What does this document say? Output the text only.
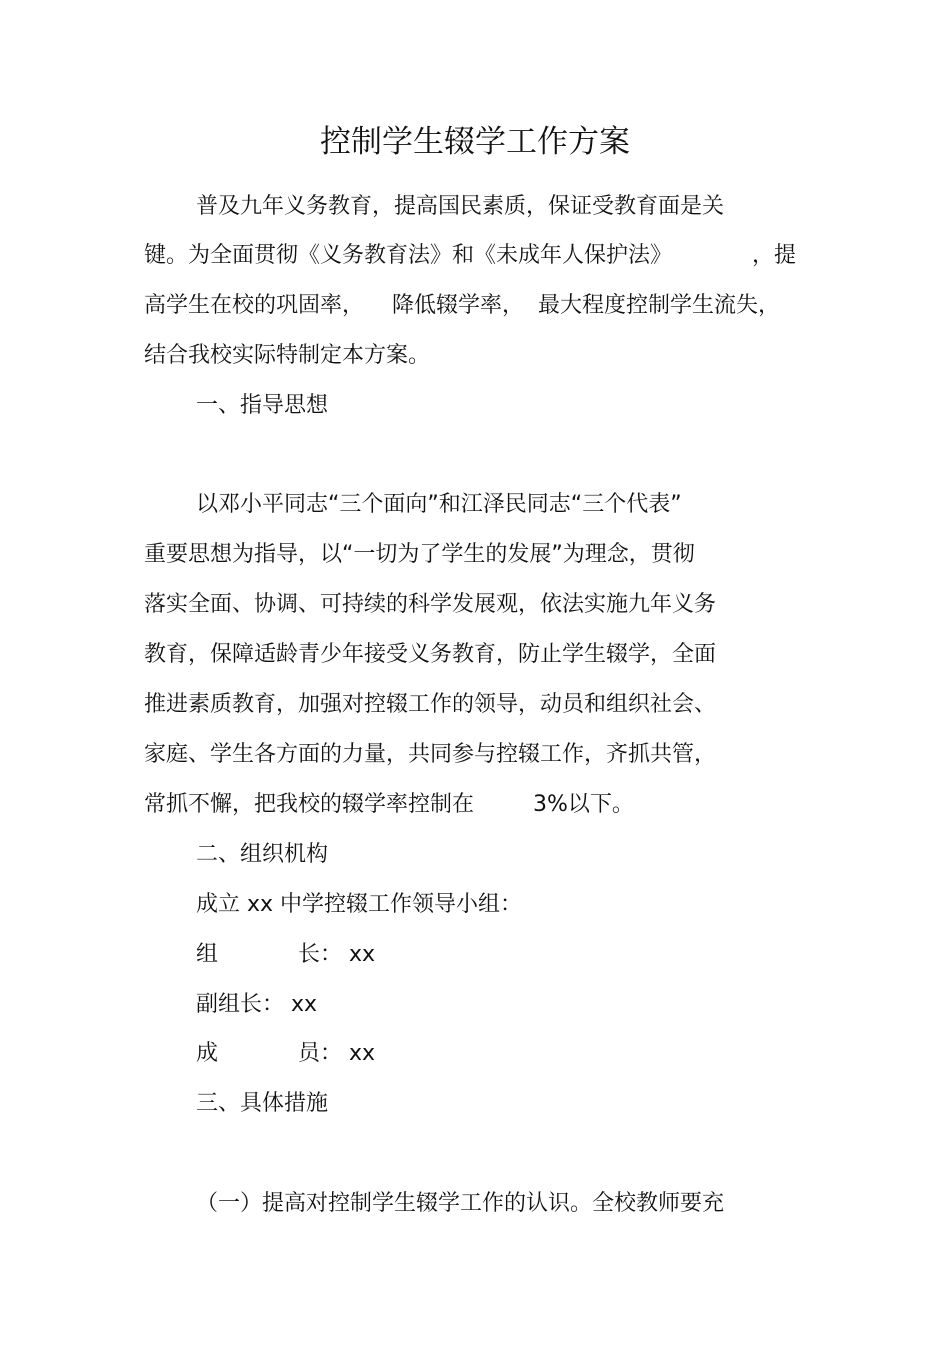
控制学生辍学工作方案

普及九年义务教育，提高国民素质，保证受教育面是关

键。为全面贯彻《义务教育法》和《未成年人保护法》	，提

高学生在校的巩固率， 降低辍学率， 最大程度控制学生流失，

结合我校实际特制定本方案。

一、指导思想

以邓小平同志“三个面向”和江泽民同志“三个代表”

重要思想为指导，以“一切为了学生的发展”为理念，贯彻

落实全面、协调、可持续的科学发展观，依法实施九年义务

教育，保障适龄青少年接受义务教育，防止学生辍学，全面

推进素质教育，加强对控辍工作的领导，动员和组织社会、

家庭、学生各方面的力量，共同参与控辍工作，齐抓共管，

常抓不懈，把我校的辍学率控制在	3%以下。

二、组织机构

成立 xx 中学控辍工作领导小组：

组	长： xx

副组长： xx

成	员： xx

三、具体措施

（一）提高对控制学生辍学工作的认识。全校教师要充
